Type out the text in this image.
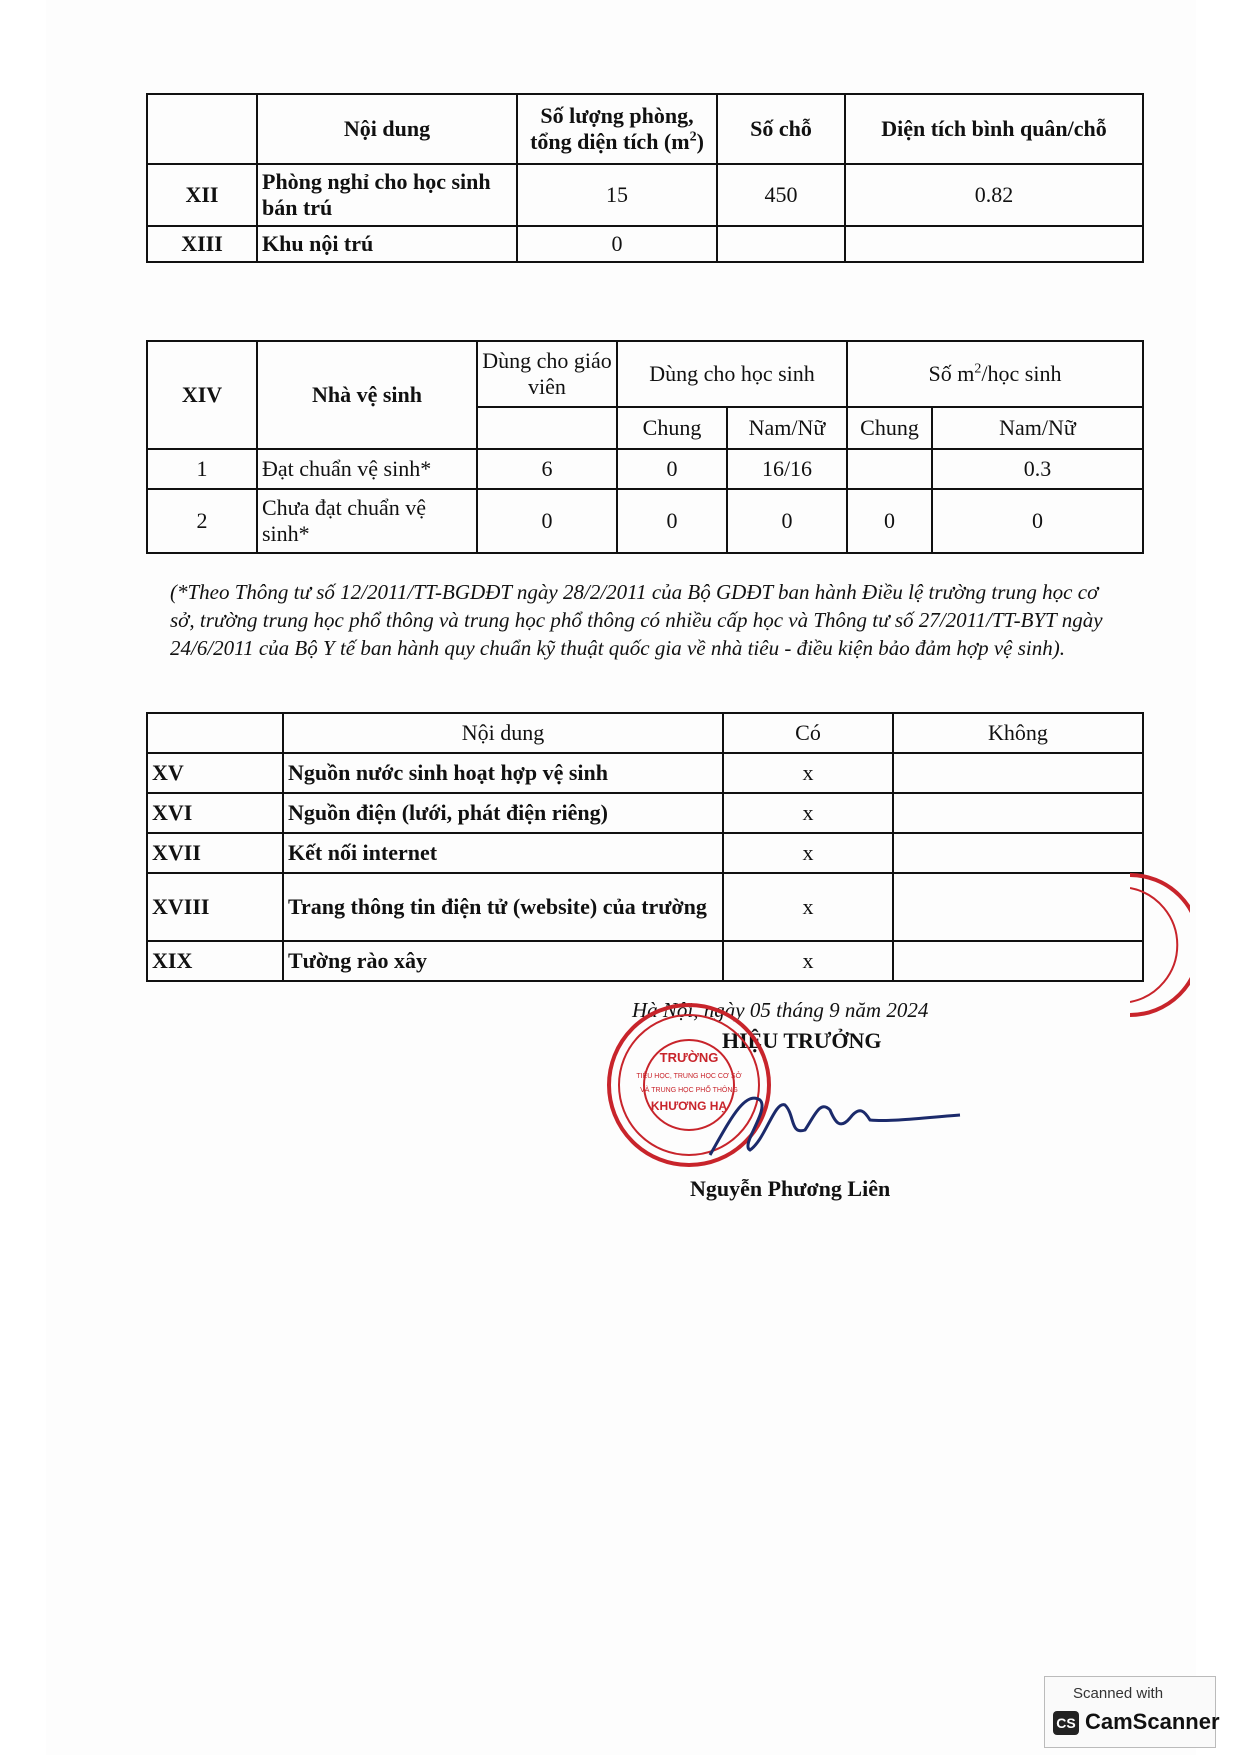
	Nội dung	Số lượng phòng,
tổng diện tích $(m^2)$	Số chỗ	Diện tích bình quân/chỗ
XII	Phòng nghỉ cho học sinh bán trú	15	450	0.82
XIII	Khu nội trú	0		
XIV	Nhà vệ sinh	Dùng cho giáo viên	Dùng cho học sinh		Số $m^2$/học sinh	
			Chung	Nam/Nữ	Chung	Nam/Nữ
1	Đạt chuẩn vệ sinh*	6	0	16/16		0.3
2	Chưa đạt chuẩn vệ sinh*	0	0	0	0	0
(*Theo Thông tư số 12/2011/TT-BGDĐT ngày 28/2/2011 của Bộ GDĐT ban hành Điều lệ trường trung học cơ sở, trường trung học phổ thông và trung học phổ thông có nhiều cấp học và Thông tư số 27/2011/TT-BYT ngày 24/6/2011 của Bộ Y tế ban hành quy chuẩn kỹ thuật quốc gia về nhà tiêu - điều kiện bảo đảm hợp vệ sinh).
	Nội dung	Có	Không
XV	Nguồn nước sinh hoạt hợp vệ sinh	x	
XVI	Nguồn điện (lưới, phát điện riêng)	x	
XVII	Kết nối internet	x	
XVIII	Trang thông tin điện tử (website) của trường	x	
XIX	Tường rào xây	x	
Hà Nội, ngày 05 tháng 9 năm 2024
HIỆU TRƯỞNG
TRƯỜNG
TIỂU HỌC, TRUNG HỌC CƠ SỞ
VÀ TRUNG HỌC PHỔ THÔNG
KHƯƠNG HẠ
Nguyễn Phương Liên
Scanned with
CS CamScanner
